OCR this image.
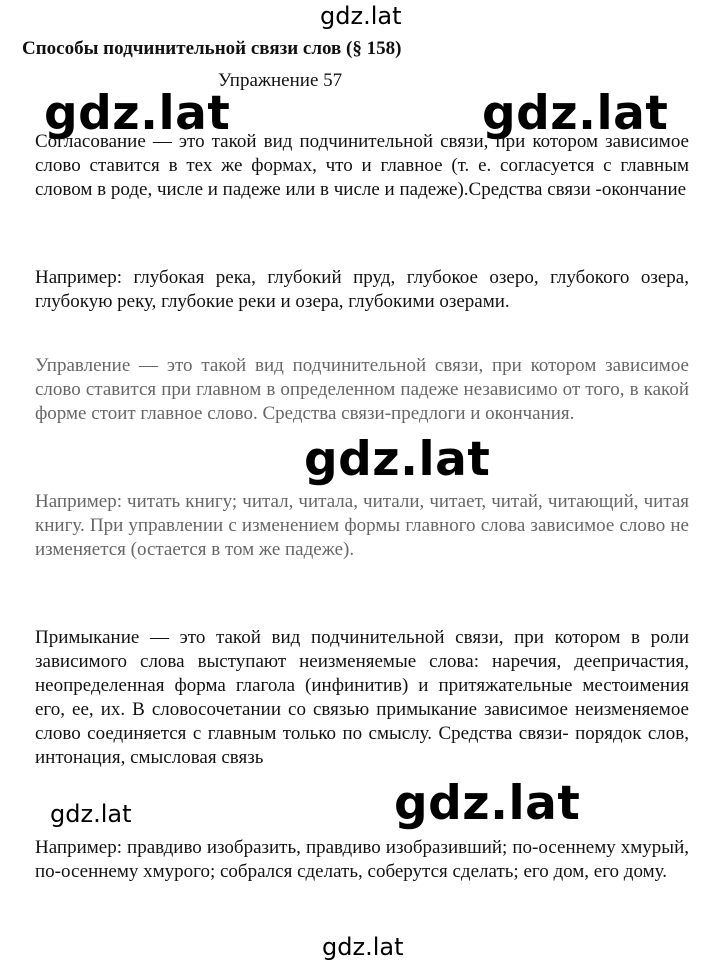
gdz.lat
gdz.lat	gdz.lat
gdz.lat
gdz.lat	gdz.lat
gdz.lat
Способы подчинительной связи слов (§ 158)
Упражнение 57

Согласование — это такой вид подчинительной связи, при котором зависимое слово ставится в тех же формах, что и главное (т. е. согласуется с главным словом в роде, числе и падеже или в числе и падеже).Средства связи -окончание

Например: глубокая река, глубокий пруд, глубокое озеро, глубокого озера, глубокую реку, глубокие реки и озера, глубокими озерами.

Управление — это такой вид подчинительной связи, при котором зависимое слово ставится при главном в определенном падеже независимо от того, в какой форме стоит главное слово. Средства связи-предлоги и окончания.

Например: читать книгу; читал, читала, читали, читает, читай, читающий, читая книгу. При управлении с изменением формы главного слова зависимое слово не изменяется (остается в том же падеже).

Примыкание — это такой вид подчинительной связи, при котором в роли зависимого слова выступают неизменяемые слова: наречия, деепричастия, неопределенная форма глагола (инфинитив) и притяжательные местоимения его, ее, их. В словосочетании со связью примыкание зависимое неизменяемое слово соединяется с главным только по смыслу. Средства связи- порядок слов, интонация, смысловая связь

Например: правдиво изобразить, правдиво изобразивший; по-осеннему хмурый, по-осеннему хмурого; собрался сделать, соберутся сделать; его дом, его дому.
